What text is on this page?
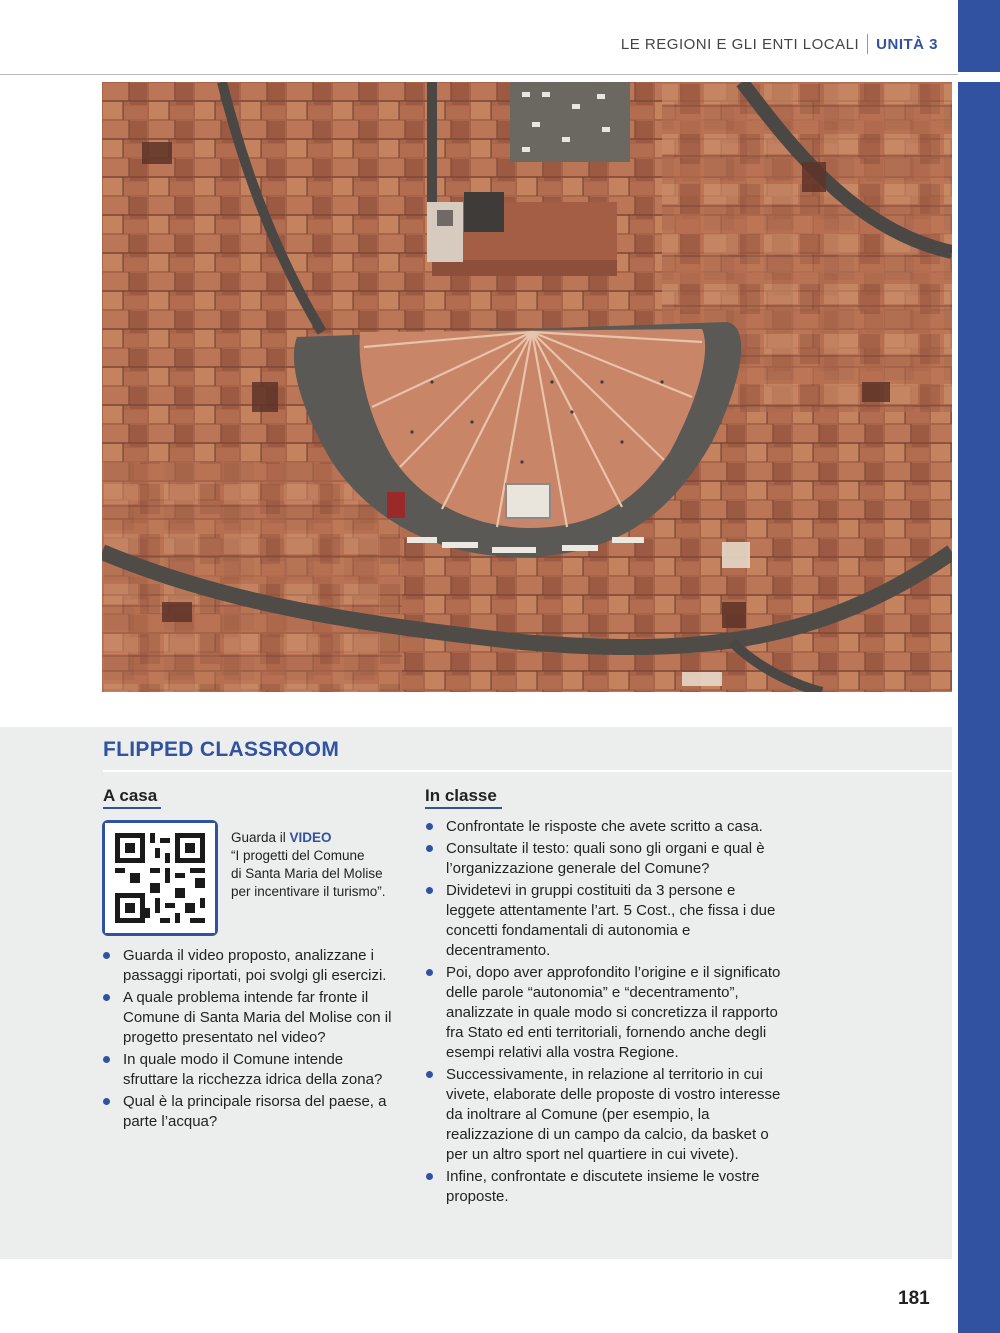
LE REGIONI E GLI ENTI LOCALI UNITÀ 3
FLIPPED CLASSROOM
A casa
Guarda il VIDEO
“I progetti del Comune
di Santa Maria del Molise
per incentivare il turismo”.
Guarda il video proposto, analizzane i passaggi riportati, poi svolgi gli esercizi.
A quale problema intende far fronte il Comune di Santa Maria del Molise con il progetto presentato nel video?
In quale modo il Comune intende sfruttare la ricchezza idrica della zona?
Qual è la principale risorsa del paese, a parte l’acqua?
In classe
Confrontate le risposte che avete scritto a casa.
Consultate il testo: quali sono gli organi e qual è l’organizzazione generale del Comune?
Dividetevi in gruppi costituiti da 3 persone e leggete attentamente l’art. 5 Cost., che fissa i due concetti fondamentali di autonomia e decentramento.
Poi, dopo aver approfondito l’origine e il significato delle parole “autonomia” e “decentramento”, analizzate in quale modo si concretizza il rapporto fra Stato ed enti territoriali, fornendo anche degli esempi relativi alla vostra Regione.
Successivamente, in relazione al territorio in cui vivete, elaborate delle proposte di vostro interesse da inoltrare al Comune (per esempio, la realizzazione di un campo da calcio, da basket o per un altro sport nel quartiere in cui vivete).
Infine, confrontate e discutete insieme le vostre proposte.
181
